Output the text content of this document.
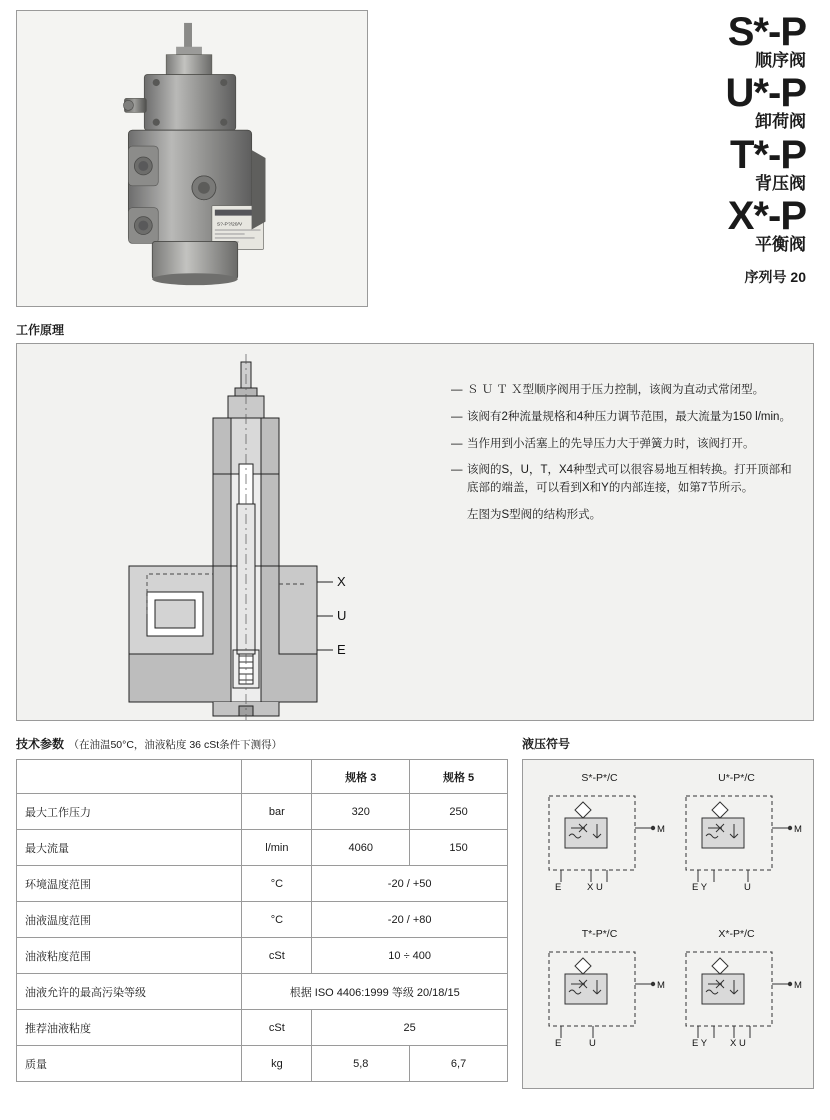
S?-P?/20/V
S*-P
顺序阀
U*-P
卸荷阀
T*-P
背压阀
X*-P
平衡阀
序列号 20
工作原理
X
U
E
— Ｓ Ｕ Ｔ Ｘ型顺序阀用于压力控制，该阀为直动式常闭型。
— 该阀有2种流量规格和4种压力调节范围，最大流量为150 l/min。
— 当作用到小活塞上的先导压力大于弹簧力时，该阀打开。
— 该阀的S，U，T，X4种型式可以很容易地互相转换。打开顶部和底部的端盖，可以看到X和Y的内部连接，如第7节所示。
左图为S型阀的结构形式。
技术参数 （在油温50°C，油液粘度 36 cSt条件下测得）	液压符号
		规格 3	规格 5
最大工作压力	bar	320	250
最大流量	l/min	4060	150
环境温度范围	°C	-20 / +50	
油液温度范围	°C	-20 / +80	
油液粘度范围	cSt	10 ÷ 400	
油液允许的最高污染等级	根据 ISO 4406:1999 等级 20/18/15		
推荐油液粘度	cSt	25	
质量	kg	5,8	6,7
S*-P*/C
M
E	X U
U*-P*/C
M
E Y	U
T*-P*/C
M
E	U
X*-P*/C
M
E Y X U
